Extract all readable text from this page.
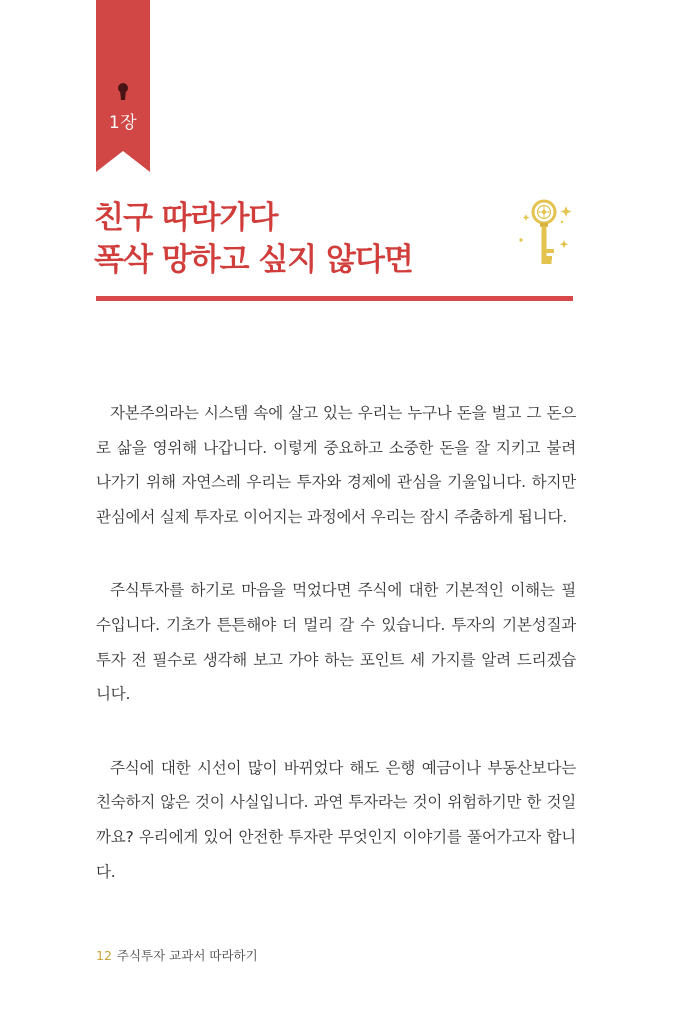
1장
친구 따라가다
폭삭 망하고 싶지 않다면

자본주의라는 시스템 속에 살고 있는 우리는 누구나 돈을 벌고 그 돈으로 삶을 영위해 나갑니다. 이렇게 중요하고 소중한 돈을 잘 지키고 불려 나가기 위해 자연스레 우리는 투자와 경제에 관심을 기울입니다. 하지만 관심에서 실제 투자로 이어지는 과정에서 우리는 잠시 주춤하게 됩니다.

주식투자를 하기로 마음을 먹었다면 주식에 대한 기본적인 이해는 필수입니다. 기초가 튼튼해야 더 멀리 갈 수 있습니다. 투자의 기본성질과 투자 전 필수로 생각해 보고 가야 하는 포인트 세 가지를 알려 드리겠습니다.

주식에 대한 시선이 많이 바뀌었다 해도 은행 예금이나 부동산보다는 친숙하지 않은 것이 사실입니다. 과연 투자라는 것이 위험하기만 한 것일까요? 우리에게 있어 안전한 투자란 무엇인지 이야기를 풀어가고자 합니다.

12 주식투자 교과서 따라하기
